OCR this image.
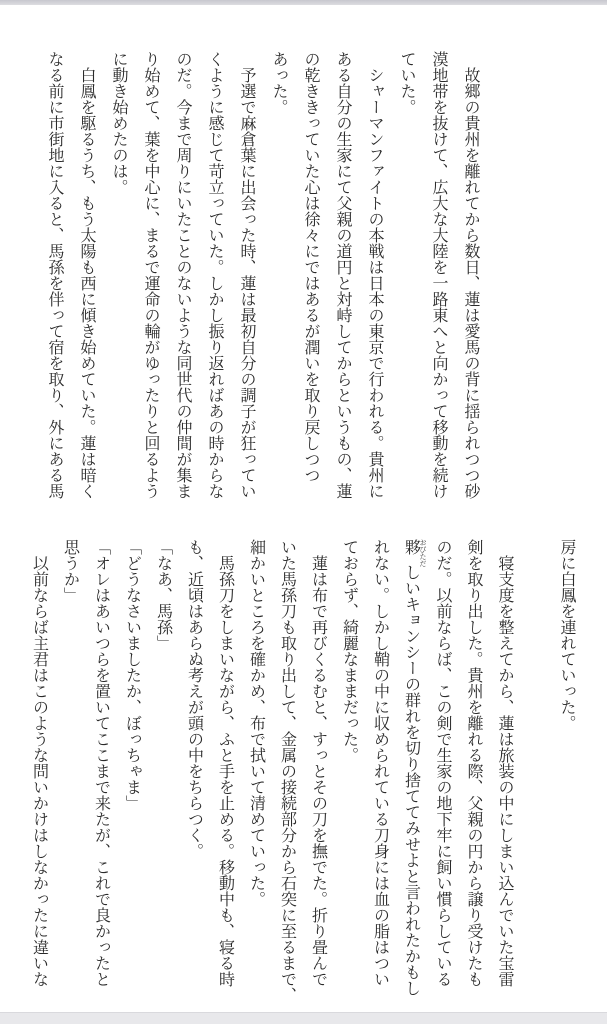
　故郷の貴州を離れてから数日、蓮は愛馬の背に揺られつつ砂
漠地帯を抜けて、広大な大陸を一路東へと向かって移動を続け
ていた。
　シャーマンファイトの本戦は日本の東京で行われる。貴州に
ある自分の生家にて父親の道円と対峙してからというもの、蓮
の乾ききっていた心は徐々にではあるが潤いを取り戻しつつ
あった。
　予選で麻倉葉に出会った時、蓮は最初自分の調子が狂ってい
くように感じて苛立っていた。しかし振り返ればあの時からな
のだ。今まで周りにいたことのないような同世代の仲間が集ま
り始めて、葉を中心に、まるで運命の輪がゆったりと回るよう
に動き始めたのは。
　白鳳を駆るうち、もう太陽も西に傾き始めていた。蓮は暗く
なる前に市街地に入ると、馬孫を伴って宿を取り、外にある馬
房に白鳳を連れていった。

　寝支度を整えてから、蓮は旅装の中にしまい込んでいた宝雷
剣を取り出した。貴州を離れる際、父親の円から譲り受けたも
のだ。以前ならば、この剣で生家の地下牢に飼い慣らしている
夥 おびただしいキョンシーの群れを切り捨ててみせよと言われたかもし
れない。しかし鞘の中に収められている刀身には血の脂はつい
ておらず、綺麗なままだった。
　蓮は布で再びくるむと、すっとその刀を撫でた。折り畳んで
いた馬孫刀も取り出して、金属の接続部分から石突に至るまで、
細かいところを確かめ、布で拭いて清めていった。
　馬孫刀をしまいながら、ふと手を止める。移動中も、寝る時
も、近頃はあらぬ考えが頭の中をちらつく。
「なあ、馬孫」
「どうなさいましたか、ぼっちゃま」
「オレはあいつらを置いてここまで来たが、これで良かったと
思うか」
　以前ならば主君はこのような問いかけはしなかったに違いな
